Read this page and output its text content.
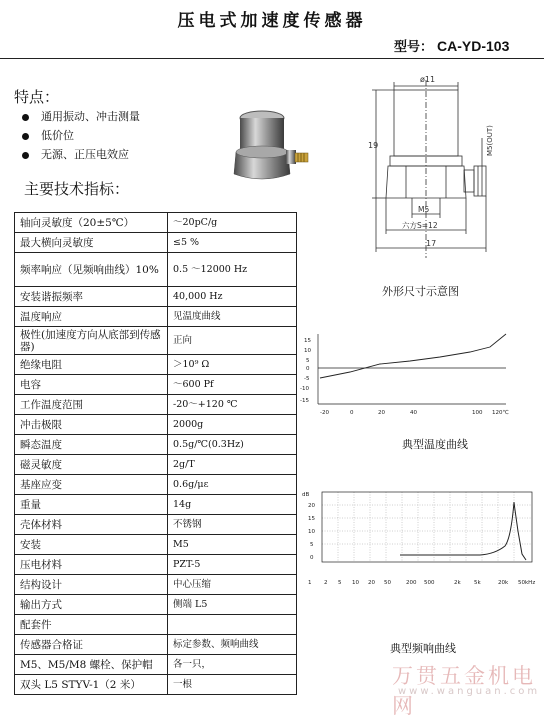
压电式加速度传感器
型号： CA-YD-103
特点：
通用振动、冲击测量
低价位
无源、正压电效应
主要技术指标：
轴向灵敏度（20±5℃）	～20pC/g
最大横向灵敏度	≤5 %
频率响应（见频响曲线）10%	0.5 ～12000 Hz
安装谐振频率	40,000 Hz
温度响应	见温度曲线
极性(加速度方向从底部到传感器)	正向
绝缘电阻	＞10⁹ Ω
电容	～600 Pf
工作温度范围	-20～+120 ℃
冲击极限	2000g
瞬态温度	0.5g/℃(0.3Hz)
磁灵敏度	2g/T
基座应变	0.6g/με
重量	14g
壳体材料	不锈钢
安装	M5
压电材料	PZT-5
结构设计	中心压缩
输出方式	侧端 L5
配套件	
传感器合格证	标定参数、频响曲线
M5、M5/M8 螺栓、保护帽	各一只，
双头 L5 STYV-1（2 米）	一根
ø11
19	M5(OUT)
M5
六方S=12
17
外形尺寸示意图
15
10
5
0
-5
-10
-15
-20	0	20	40	100 120℃
典型温度曲线
dB
20
15
10
5
0
1 2 5 10 20 50	200 500	2k 5k	20k 50kHz
典型频响曲线
万贯五金机电网
www.wanguan.com
